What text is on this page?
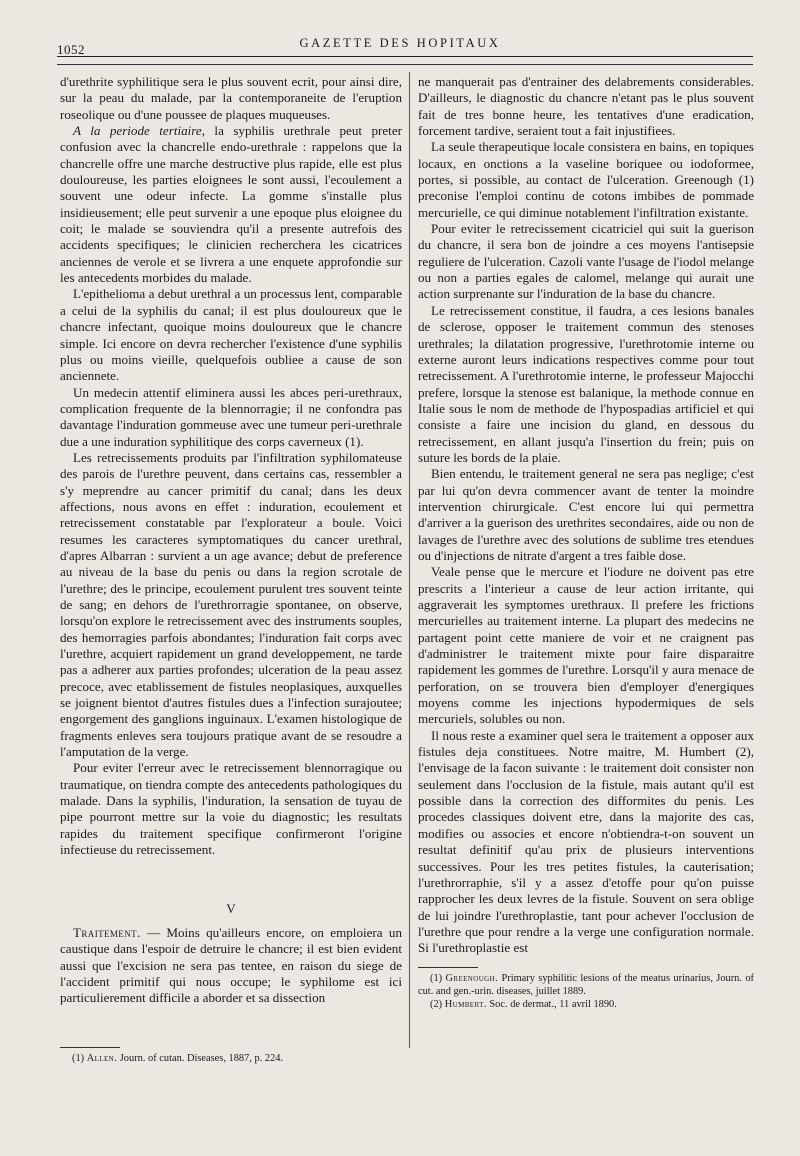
1052	GAZETTE DES HOPITAUX

d'urethrite syphilitique sera le plus souvent ecrit, pour ainsi dire, sur la peau du malade, par la contemporaneite de l'eruption roseolique ou d'une poussee de plaques muqueuses.

A la periode tertiaire, la syphilis urethrale peut preter confusion avec la chancrelle endo-urethrale : rappelons que la chancrelle offre une marche destructive plus rapide, elle est plus douloureuse, les parties eloignees le sont aussi, l'ecoulement a souvent une odeur infecte. La gomme s'installe plus insidieusement; elle peut survenir a une epoque plus eloignee du coit; le malade se souviendra qu'il a presente autrefois des accidents specifiques; le clinicien recherchera les cicatrices anciennes de verole et se livrera a une enquete approfondie sur les antecedents morbides du malade.

L'epithelioma a debut urethral a un processus lent, comparable a celui de la syphilis du canal; il est plus douloureux que le chancre infectant, quoique moins douloureux que le chancre simple. Ici encore on devra rechercher l'existence d'une syphilis plus ou moins vieille, quelquefois oubliee a cause de son anciennete.

Un medecin attentif eliminera aussi les abces peri-urethraux, complication frequente de la blennorragie; il ne confondra pas davantage l'induration gommeuse avec une tumeur peri-urethrale due a une induration syphilitique des corps caverneux (1).

Les retrecissements produits par l'infiltration syphilomateuse des parois de l'urethre peuvent, dans certains cas, ressembler a s'y meprendre au cancer primitif du canal; dans les deux affections, nous avons en effet : induration, ecoulement et retrecissement constatable par l'explorateur a boule. Voici resumes les caracteres symptomatiques du cancer urethral, d'apres Albarran : survient a un age avance; debut de preference au niveau de la base du penis ou dans la region scrotale de l'urethre; des le principe, ecoulement purulent tres souvent teinte de sang; en dehors de l'urethrorragie spontanee, on observe, lorsqu'on explore le retrecissement avec des instruments souples, des hemorragies parfois abondantes; l'induration fait corps avec l'urethre, acquiert rapidement un grand developpement, ne tarde pas a adherer aux parties profondes; ulceration de la peau assez precoce, avec etablissement de fistules neoplasiques, auxquelles se joignent bientot d'autres fistules dues a l'infection surajoutee; engorgement des ganglions inguinaux. L'examen histologique de fragments enleves sera toujours pratique avant de se resoudre a l'amputation de la verge.

Pour eviter l'erreur avec le retrecissement blennorragique ou traumatique, on tiendra compte des antecedents pathologiques du malade. Dans la syphilis, l'induration, la sensation de tuyau de pipe pourront mettre sur la voie du diagnostic; les resultats rapides du traitement specifique confirmeront l'origine infectieuse du retrecissement.

V

Traitement. — Moins qu'ailleurs encore, on emploiera un caustique dans l'espoir de detruire le chancre; il est bien evident aussi que l'excision ne sera pas tentee, en raison du siege de l'accident primitif qui nous occupe; le syphilome est ici particulierement difficile a aborder et sa dissection

(1) Allen. Journ. of cutan. Diseases, 1887, p. 224.

ne manquerait pas d'entrainer des delabrements considerables. D'ailleurs, le diagnostic du chancre n'etant pas le plus souvent fait de tres bonne heure, les tentatives d'une eradication, forcement tardive, seraient tout a fait injustifiees.

La seule therapeutique locale consistera en bains, en topiques locaux, en onctions a la vaseline boriquee ou iodoformee, portes, si possible, au contact de l'ulceration. Greenough (1) preconise l'emploi continu de cotons imbibes de pommade mercurielle, ce qui diminue notablement l'infiltration existante.

Pour eviter le retrecissement cicatriciel qui suit la guerison du chancre, il sera bon de joindre a ces moyens l'antisepsie reguliere de l'ulceration. Cazoli vante l'usage de l'iodol melange ou non a parties egales de calomel, melange qui aurait une action surprenante sur l'induration de la base du chancre.

Le retrecissement constitue, il faudra, a ces lesions banales de sclerose, opposer le traitement commun des stenoses urethrales; la dilatation progressive, l'urethrotomie interne ou externe auront leurs indications respectives comme pour tout retrecissement. A l'urethrotomie interne, le professeur Majocchi prefere, lorsque la stenose est balanique, la methode connue en Italie sous le nom de methode de l'hypospadias artificiel et qui consiste a faire une incision du gland, en dessous du retrecissement, en allant jusqu'a l'insertion du frein; puis on suture les bords de la plaie.

Bien entendu, le traitement general ne sera pas neglige; c'est par lui qu'on devra commencer avant de tenter la moindre intervention chirurgicale. C'est encore lui qui permettra d'arriver a la guerison des urethrites secondaires, aide ou non de lavages de l'urethre avec des solutions de sublime tres etendues ou d'injections de nitrate d'argent a tres faible dose.

Veale pense que le mercure et l'iodure ne doivent pas etre prescrits a l'interieur a cause de leur action irritante, qui aggraverait les symptomes urethraux. Il prefere les frictions mercurielles au traitement interne. La plupart des medecins ne partagent point cette maniere de voir et ne craignent pas d'administrer le traitement mixte pour faire disparaitre rapidement les gommes de l'urethre. Lorsqu'il y aura menace de perforation, on se trouvera bien d'employer d'energiques moyens comme les injections hypodermiques de sels mercuriels, solubles ou non.

Il nous reste a examiner quel sera le traitement a opposer aux fistules deja constituees. Notre maitre, M. Humbert (2), l'envisage de la facon suivante : le traitement doit consister non seulement dans l'occlusion de la fistule, mais autant qu'il est possible dans la correction des difformites du penis. Les procedes classiques doivent etre, dans la majorite des cas, modifies ou associes et encore n'obtiendra-t-on souvent un resultat definitif qu'au prix de plusieurs interventions successives. Pour les tres petites fistules, la cauterisation; l'urethrorraphie, s'il y a assez d'etoffe pour qu'on puisse rapprocher les deux levres de la fistule. Souvent on sera oblige de lui joindre l'urethroplastie, tant pour achever l'occlusion de l'urethre que pour rendre a la verge une configuration normale. Si l'urethroplastie est

(1) Greenough. Primary syphilitic lesions of the meatus urinarius, Journ. of cut. and gen.-urin. diseases, juillet 1889.

(2) Humbert. Soc. de dermat., 11 avril 1890.
